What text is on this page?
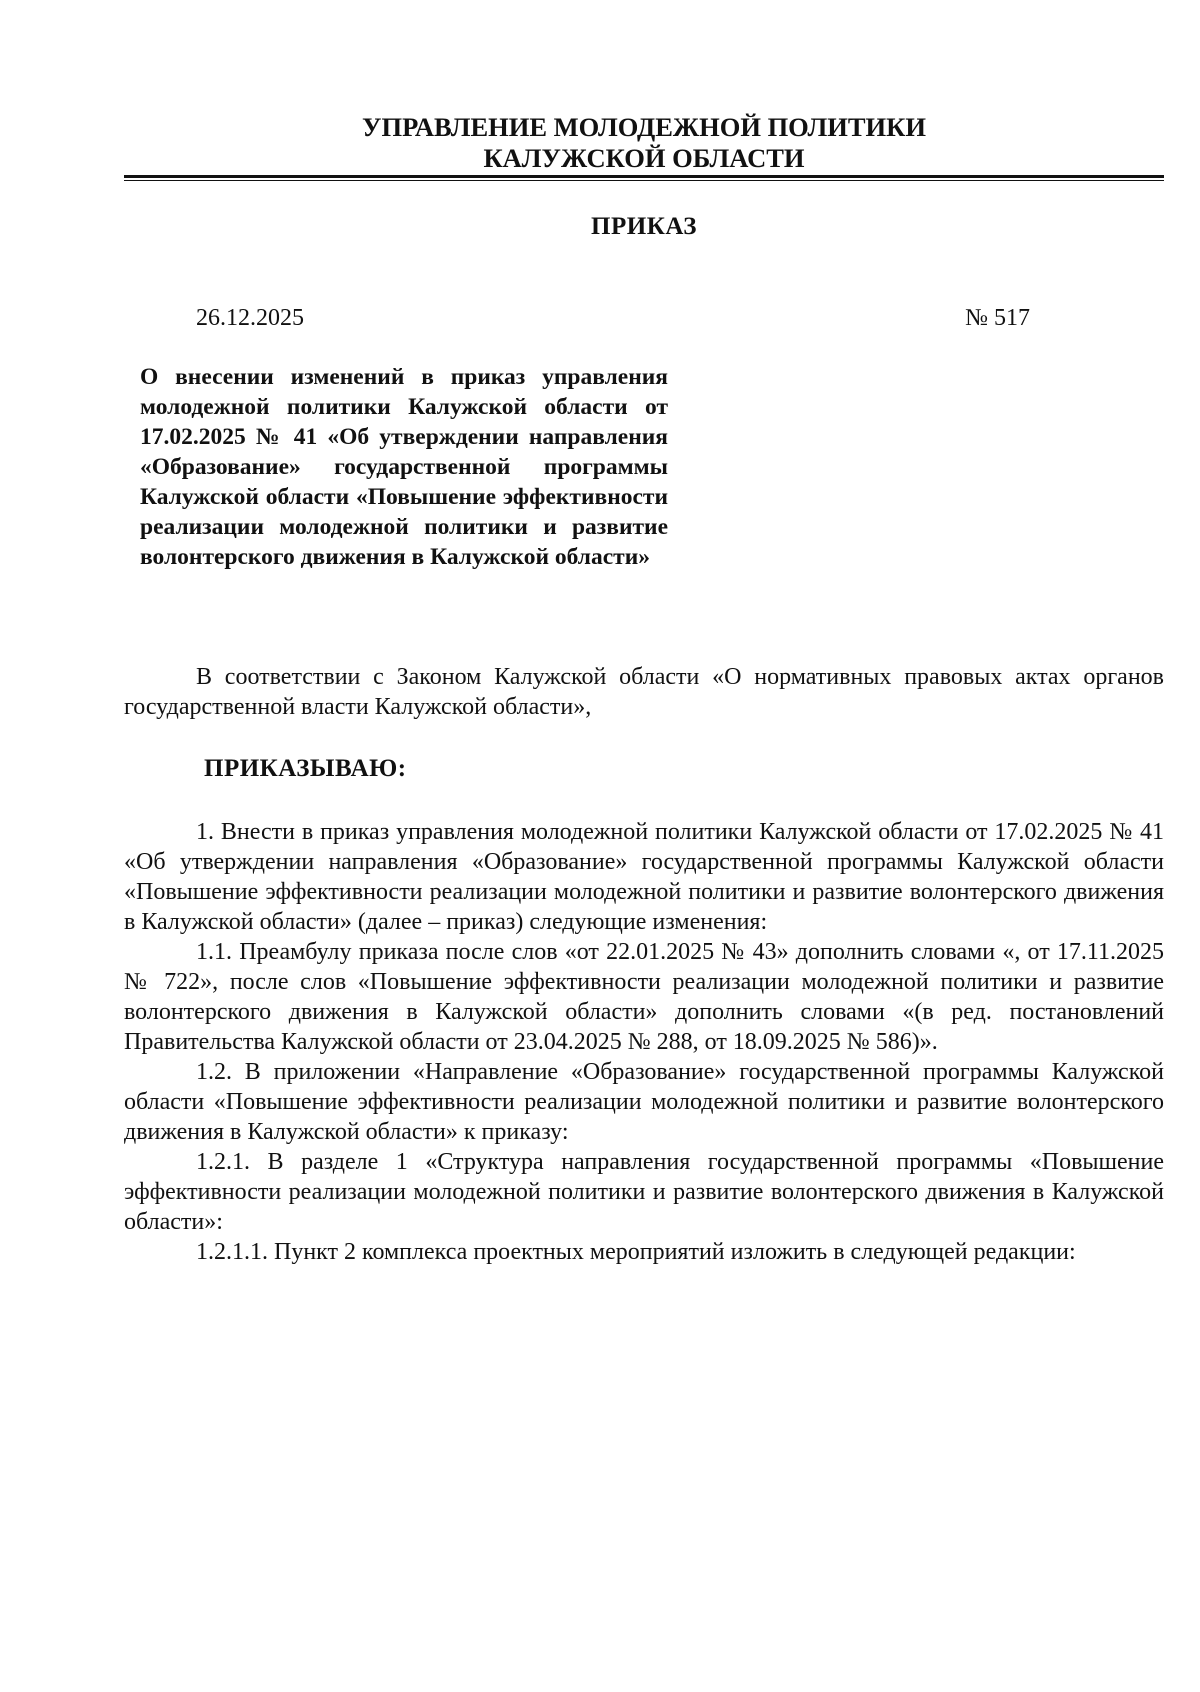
УПРАВЛЕНИЕ МОЛОДЕЖНОЙ ПОЛИТИКИ
КАЛУЖСКОЙ ОБЛАСТИ
ПРИКАЗ
26.12.2025	№ 517
О внесении изменений в приказ управления молодежной политики Калужской области от 17.02.2025 № 41 «Об утверждении направления «Образование» государственной программы Калужской области «Повышение эффективности реализации молодежной политики и развитие волонтерского движения в Калужской области»
В соответствии с Законом Калужской области «О нормативных правовых актах органов государственной власти Калужской области»,
ПРИКАЗЫВАЮ:

1. Внести в приказ управления молодежной политики Калужской области от 17.02.2025 № 41 «Об утверждении направления «Образование» государственной программы Калужской области «Повышение эффективности реализации молодежной политики и развитие волонтерского движения в Калужской области» (далее – приказ) следующие изменения:

1.1. Преамбулу приказа после слов «от 22.01.2025 № 43» дополнить словами «, от 17.11.2025 № 722», после слов «Повышение эффективности реализации молодежной политики и развитие волонтерского движения в Калужской области» дополнить словами «(в ред. постановлений Правительства Калужской области от 23.04.2025 № 288, от 18.09.2025 № 586)».

1.2. В приложении «Направление «Образование» государственной программы Калужской области «Повышение эффективности реализации молодежной политики и развитие волонтерского движения в Калужской области» к приказу:

1.2.1. В разделе 1 «Структура направления государственной программы «Повышение эффективности реализации молодежной политики и развитие волонтерского движения в Калужской области»:

1.2.1.1. Пункт 2 комплекса проектных мероприятий изложить в следующей редакции:
